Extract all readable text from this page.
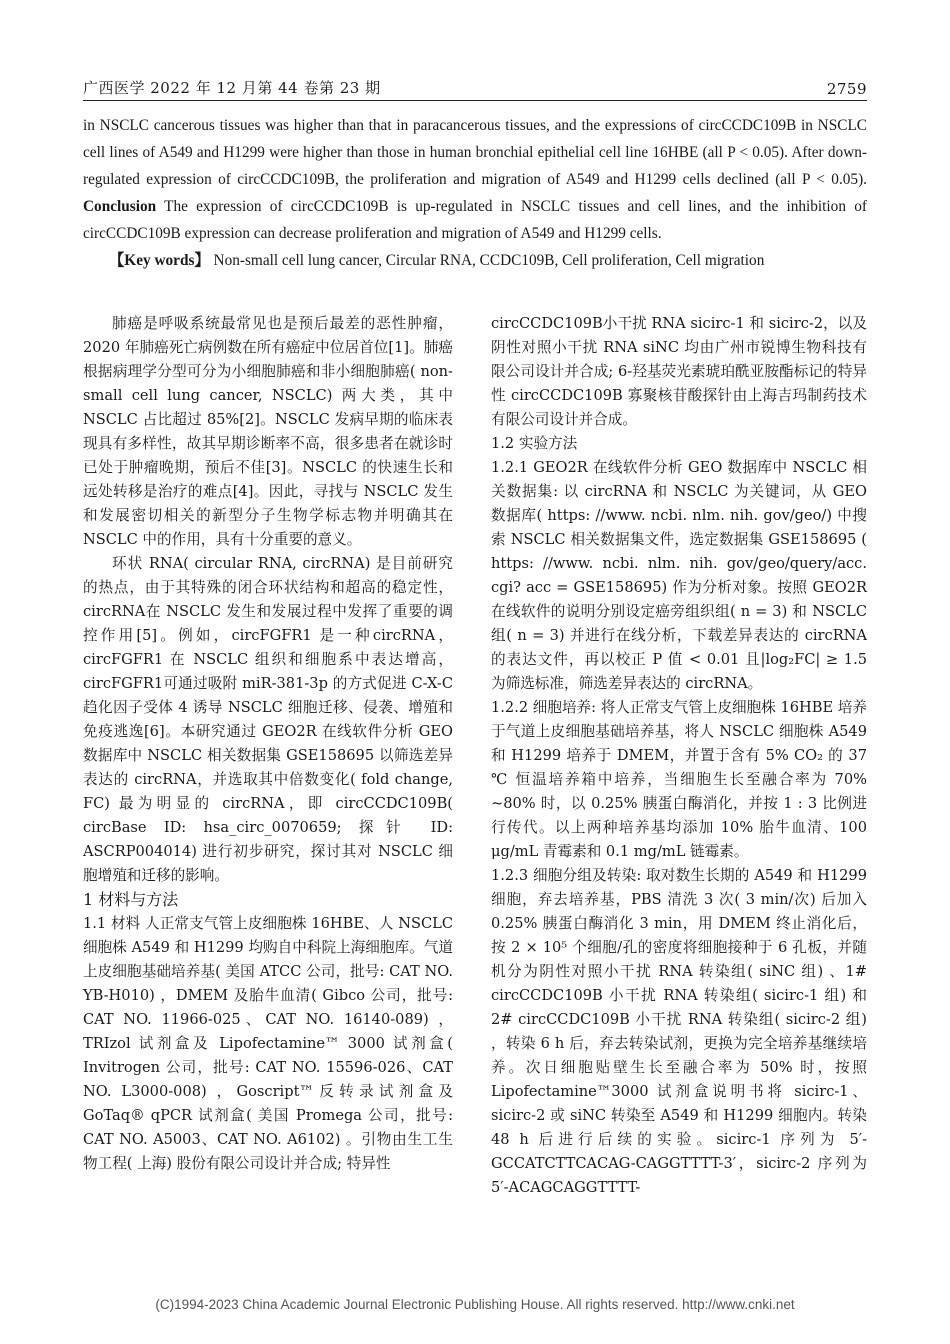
广西医学 2022 年 12 月第 44 卷第 23 期	2759
in NSCLC cancerous tissues was higher than that in paracancerous tissues, and the expressions of circCCDC109B in NSCLC cell lines of A549 and H1299 were higher than those in human bronchial epithelial cell line 16HBE (all P < 0.05). After down-regulated expression of circCCDC109B, the proliferation and migration of A549 and H1299 cells declined (all P < 0.05). Conclusion The expression of circCCDC109B is up-regulated in NSCLC tissues and cell lines, and the inhibition of circCCDC109B expression can decrease proliferation and migration of A549 and H1299 cells.
【Key words】 Non-small cell lung cancer, Circular RNA, CCDC109B, Cell proliferation, Cell migration

肺癌是呼吸系统最常见也是预后最差的恶性肿瘤，2020 年肺癌死亡病例数在所有癌症中位居首位[1]。肺癌根据病理学分型可分为小细胞肺癌和非小细胞肺癌( non-small cell lung cancer, NSCLC) 两大类，其中 NSCLC 占比超过 85%[2]。NSCLC 发病早期的临床表现具有多样性，故其早期诊断率不高，很多患者在就诊时已处于肿瘤晚期，预后不佳[3]。NSCLC 的快速生长和远处转移是治疗的难点[4]。因此，寻找与 NSCLC 发生和发展密切相关的新型分子生物学标志物并明确其在 NSCLC 中的作用，具有十分重要的意义。

环状 RNA( circular RNA, circRNA) 是目前研究的热点，由于其特殊的闭合环状结构和超高的稳定性，circRNA在 NSCLC 发生和发展过程中发挥了重要的调控作用[5]。例如，circFGFR1 是一种circRNA，circFGFR1 在 NSCLC 组织和细胞系中表达增高，circFGFR1可通过吸附 miR-381-3p 的方式促进 C-X-C 趋化因子受体 4 诱导 NSCLC 细胞迁移、侵袭、增殖和免疫逃逸[6]。本研究通过 GEO2R 在线软件分析 GEO 数据库中 NSCLC 相关数据集 GSE158695 以筛选差异表达的 circRNA，并选取其中倍数变化( fold change, FC) 最为明显的 circRNA，即 circCCDC109B( circBase ID: hsa_circ_0070659; 探针 ID: ASCRP004014) 进行初步研究，探讨其对 NSCLC 细胞增殖和迁移的影响。

1 材料与方法

1.1 材料 人正常支气管上皮细胞株 16HBE、人 NSCLC 细胞株 A549 和 H1299 均购自中科院上海细胞库。气道上皮细胞基础培养基( 美国 ATCC 公司，批号: CAT NO. YB-H010) ，DMEM 及胎牛血清( Gibco 公司，批号: CAT NO. 11966-025、CAT NO. 16140-089) ，TRIzol 试剂盒及 Lipofectamine™ 3000 试剂盒( Invitrogen 公司，批号: CAT NO. 15596-026、CAT NO. L3000-008) ，Goscript™反转录试剂盒及 GoTaq® qPCR 试剂盒( 美国 Promega 公司，批号: CAT NO. A5003、CAT NO. A6102) 。引物由生工生物工程( 上海) 股份有限公司设计并合成; 特异性

circCCDC109B小干扰 RNA sicirc-1 和 sicirc-2，以及阴性对照小干扰 RNA siNC 均由广州市锐博生物科技有限公司设计并合成; 6-羟基荧光素琥珀酰亚胺酯标记的特异性 circCCDC109B 寡聚核苷酸探针由上海吉玛制药技术有限公司设计并合成。

1.2 实验方法

1.2.1 GEO2R 在线软件分析 GEO 数据库中 NSCLC 相关数据集: 以 circRNA 和 NSCLC 为关键词，从 GEO 数据库( https: //www. ncbi. nlm. nih. gov/geo/) 中搜索 NSCLC 相关数据集文件，选定数据集 GSE158695 ( https: //www. ncbi. nlm. nih. gov/geo/query/acc. cgi? acc = GSE158695) 作为分析对象。按照 GEO2R 在线软件的说明分别设定癌旁组织组( n = 3) 和 NSCLC 组( n = 3) 并进行在线分析，下载差异表达的 circRNA 的表达文件，再以校正 P 值 < 0.01 且|log₂FC| ≥ 1.5 为筛选标准，筛选差异表达的 circRNA。

1.2.2 细胞培养: 将人正常支气管上皮细胞株 16HBE 培养于气道上皮细胞基础培养基，将人 NSCLC 细胞株 A549 和 H1299 培养于 DMEM，并置于含有 5% CO₂ 的 37 ℃ 恒温培养箱中培养，当细胞生长至融合率为 70% ~80% 时，以 0.25% 胰蛋白酶消化，并按 1 : 3 比例进行传代。以上两种培养基均添加 10% 胎牛血清、100 μg/mL 青霉素和 0.1 mg/mL 链霉素。

1.2.3 细胞分组及转染: 取对数生长期的 A549 和 H1299 细胞，弃去培养基，PBS 清洗 3 次( 3 min/次) 后加入 0.25% 胰蛋白酶消化 3 min，用 DMEM 终止消化后，按 2 × 10⁵ 个细胞/孔的密度将细胞接种于 6 孔板，并随机分为阴性对照小干扰 RNA 转染组( siNC 组) 、1# circCCDC109B 小干扰 RNA 转染组( sicirc-1 组) 和 2# circCCDC109B 小干扰 RNA 转染组( sicirc-2 组) ，转染 6 h 后，弃去转染试剂，更换为完全培养基继续培养。次日细胞贴壁生长至融合率为 50% 时，按照 Lipofectamine™3000 试剂盒说明书将 sicirc-1、sicirc-2 或 siNC 转染至 A549 和 H1299 细胞内。转染 48 h 后进行后续的实验。sicirc-1 序列为 5′-GCCATCTTCACAG-CAGGTTTT-3′，sicirc-2 序列为 5′-ACAGCAGGTTTT-

(C)1994-2023 China Academic Journal Electronic Publishing House. All rights reserved. http://www.cnki.net
